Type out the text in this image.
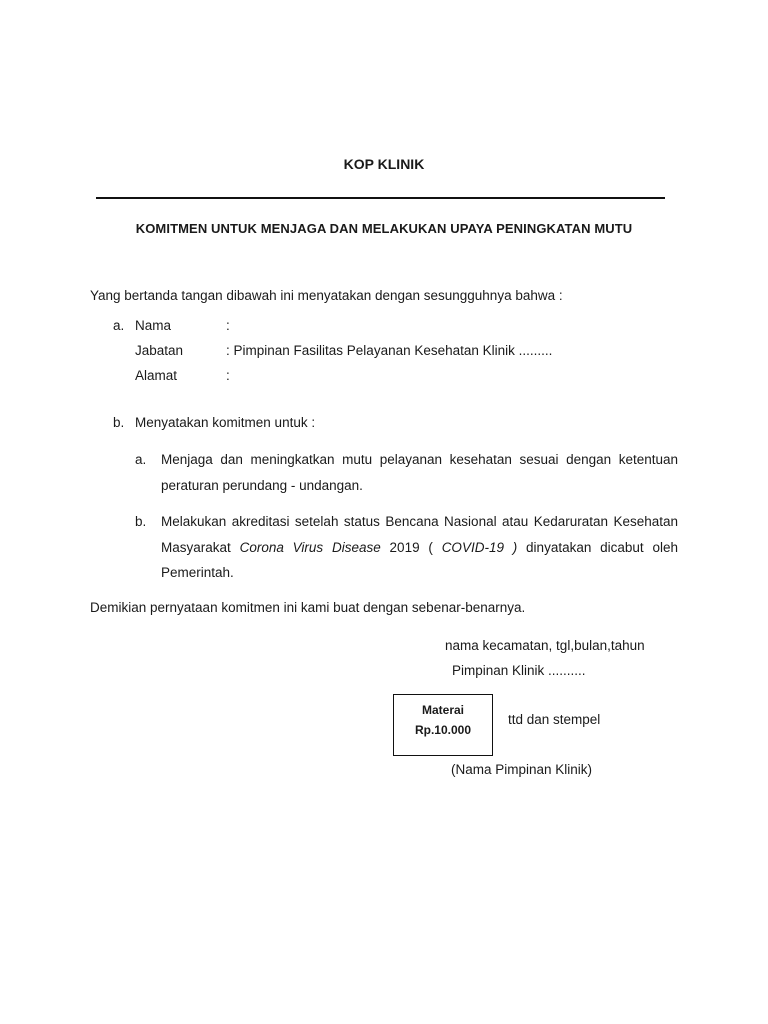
KOP KLINIK
KOMITMEN UNTUK MENJAGA DAN MELAKUKAN UPAYA PENINGKATAN MUTU
Yang bertanda tangan dibawah ini menyatakan dengan sesungguhnya bahwa :
a. Nama	:
Jabatan	: Pimpinan Fasilitas Pelayanan Kesehatan Klinik .........
Alamat	:
b. Menyatakan komitmen untuk :
a. Menjaga dan meningkatkan mutu pelayanan kesehatan sesuai dengan ketentuan peraturan perundang - undangan.
b. Melakukan akreditasi setelah status Bencana Nasional atau Kedaruratan Kesehatan Masyarakat Corona Virus Disease 2019 ( COVID-19 ) dinyatakan dicabut oleh Pemerintah.
Demikian pernyataan komitmen ini kami buat dengan sebenar-benarnya.
nama kecamatan, tgl,bulan,tahun
Pimpinan Klinik ..........
Materai
Rp.10.000
ttd dan stempel
(Nama Pimpinan Klinik)
